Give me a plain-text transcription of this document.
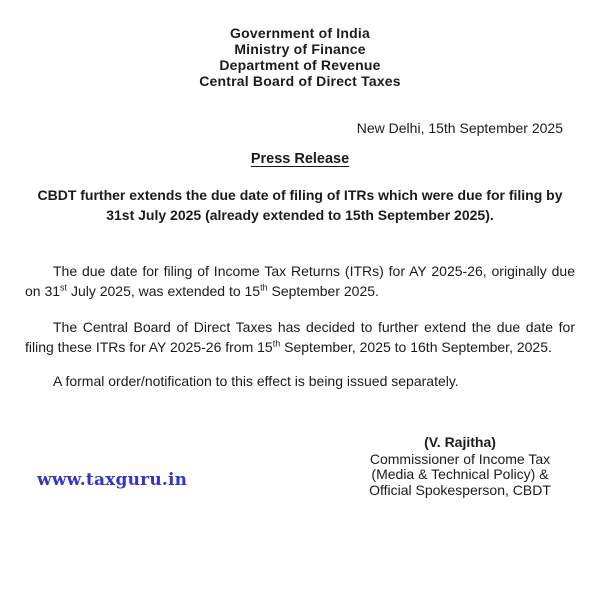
Government of India
Ministry of Finance
Department of Revenue
Central Board of Direct Taxes
New Delhi, 15th September 2025
Press Release
CBDT further extends the due date of filing of ITRs which were due for filing by 31st July 2025 (already extended to 15th September 2025).

The due date for filing of Income Tax Returns (ITRs) for AY 2025-26, originally due on 31st July 2025, was extended to 15th September 2025.

The Central Board of Direct Taxes has decided to further extend the due date for filing these ITRs for AY 2025-26 from 15th September, 2025 to 16th September, 2025.

A formal order/notification to this effect is being issued separately.

(V. Rajitha)
Commissioner of Income Tax
(Media & Technical Policy) &
Official Spokesperson, CBDT
www.taxguru.in
